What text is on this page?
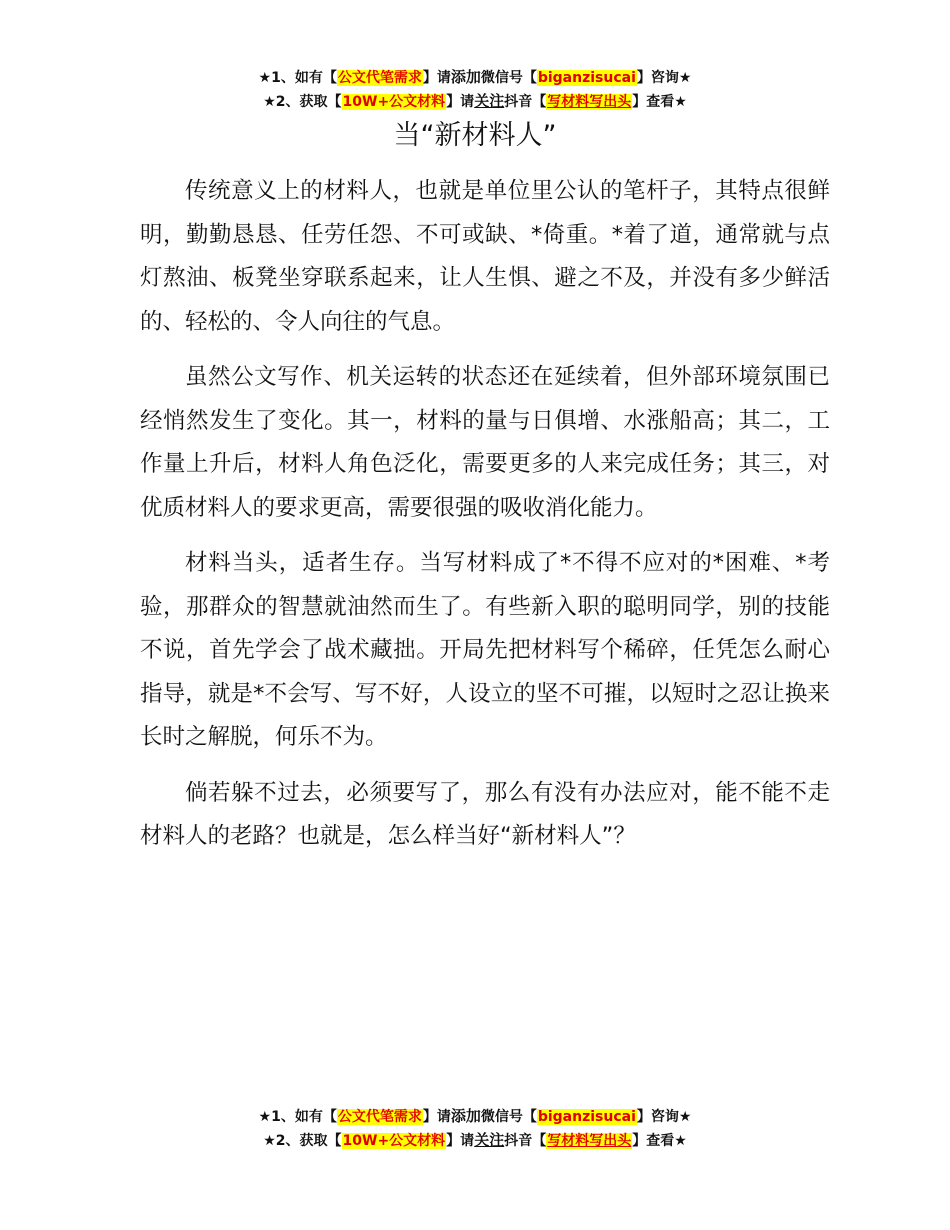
★1、如有【公文代笔需求】请添加微信号【biganzisucai】咨询★
★2、获取【10W+公文材料】请关注抖音【写材料写出头】查看★
当“新材料人”

传统意义上的材料人，也就是单位里公认的笔杆子，其特点很鲜明，勤勤恳恳、任劳任怨、不可或缺、*倚重。*着了道，通常就与点灯熬油、板凳坐穿联系起来，让人生惧、避之不及，并没有多少鲜活的、轻松的、令人向往的气息。

虽然公文写作、机关运转的状态还在延续着，但外部环境氛围已经悄然发生了变化。其一，材料的量与日俱增、水涨船高；其二，工作量上升后，材料人角色泛化，需要更多的人来完成任务；其三，对优质材料人的要求更高，需要很强的吸收消化能力。

材料当头，适者生存。当写材料成了*不得不应对的*困难、*考验，那群众的智慧就油然而生了。有些新入职的聪明同学，别的技能不说，首先学会了战术藏拙。开局先把材料写个稀碎，任凭怎么耐心指导，就是*不会写、写不好，人设立的坚不可摧，以短时之忍让换来长时之解脱，何乐不为。

倘若躲不过去，必须要写了，那么有没有办法应对，能不能不走材料人的老路？也就是，怎么样当好“新材料人”？

★1、如有【公文代笔需求】请添加微信号【biganzisucai】咨询★
★2、获取【10W+公文材料】请关注抖音【写材料写出头】查看★
